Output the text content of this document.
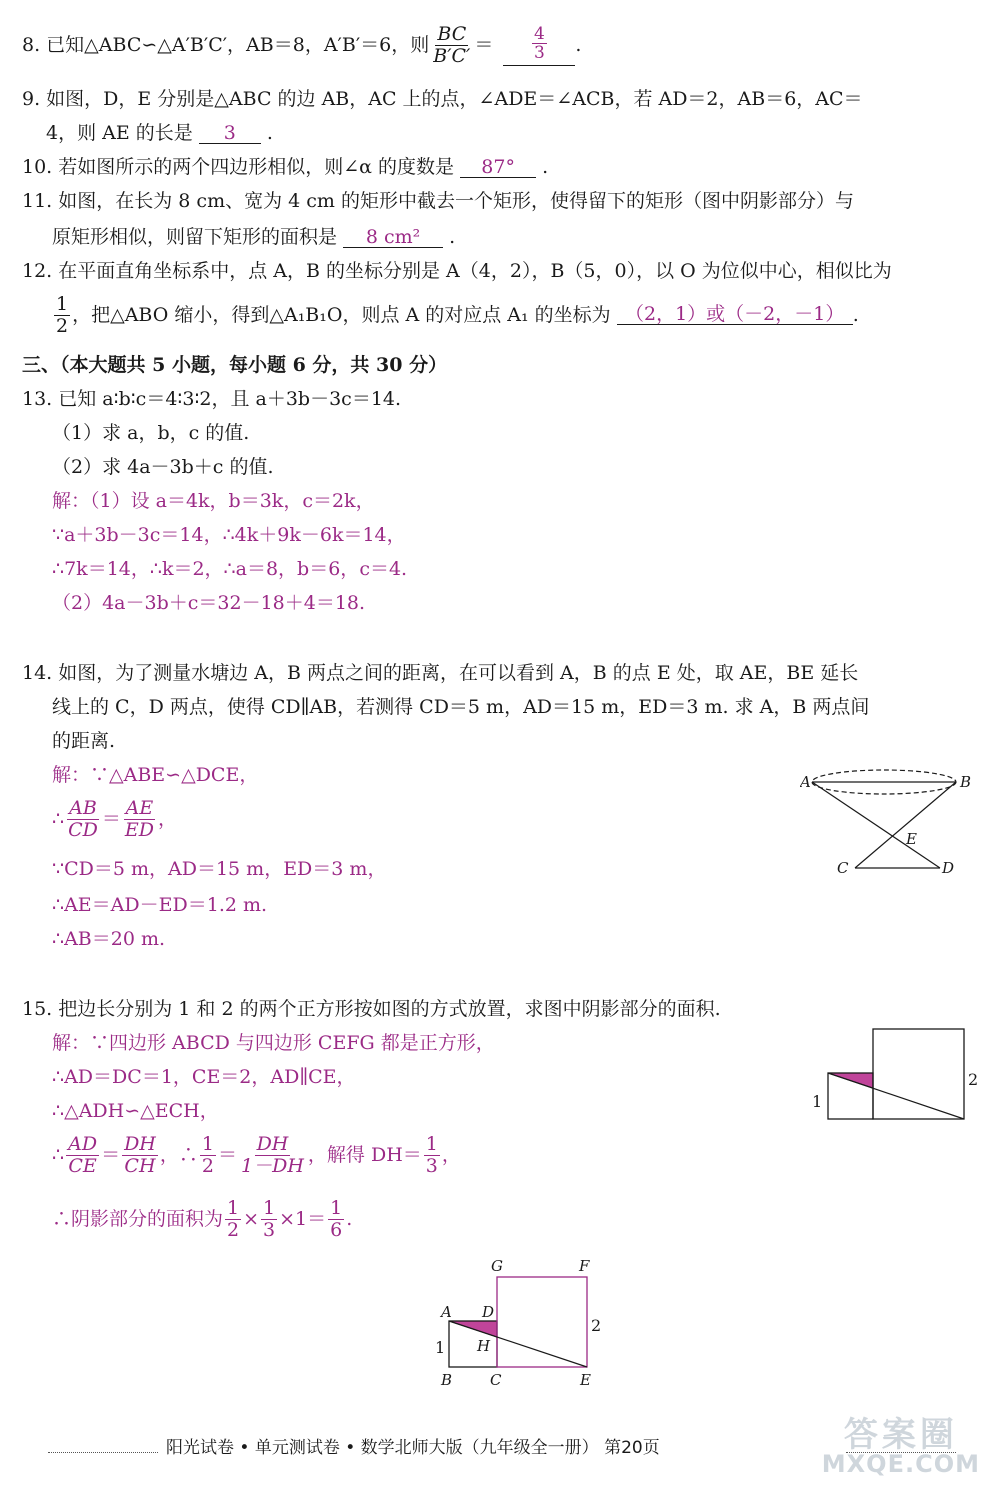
8. 已知△ABC∽△A′B′C′，AB＝8，A′B′＝6，则 $\frac{BC}{B'C'} = \frac{4}{3}$ .
9. 如图，D，E 分别是△ABC 的边 AB，AC 上的点，∠ADE＝∠ACB，若 AD＝2，AB＝6，AC＝
4，则 AE 的长是 3 .
10. 若如图所示的两个四边形相似，则∠α 的度数是 87° .
11. 如图，在长为 8 cm、宽为 4 cm 的矩形中截去一个矩形，使得留下的矩形（图中阴影部分）与
原矩形相似，则留下矩形的面积是 8 cm² .
12. 在平面直角坐标系中，点 A，B 的坐标分别是 A（4，2），B（5，0），以 O 为位似中心，相似比为
$\frac{1}{2}$ ，把△ABO 缩小，得到△A₁B₁O，则点 A 的对应点 A₁ 的坐标为 （2，1）或（－2，－1） .
三、（本大题共 5 小题，每小题 6 分，共 30 分）
13. 已知 a∶b∶c＝4∶3∶2，且 a＋3b－3c＝14.
（1）求 a，b，c 的值.
（2）求 4a－3b＋c 的值.
解：（1）设 a＝4k，b＝3k，c＝2k，
∵a＋3b－3c＝14，∴4k＋9k－6k＝14，
∴7k＝14，∴k＝2，∴a＝8，b＝6，c＝4.
（2）4a－3b＋c＝32－18＋4＝18.
14. 如图，为了测量水塘边 A，B 两点之间的距离，在可以看到 A，B 的点 E 处，取 AE，BE 延长
线上的 C，D 两点，使得 CD∥AB，若测得 CD＝5 m，AD＝15 m，ED＝3 m. 求 A，B 两点间
的距离.
解：∵△ABE∽△DCE，
∴ $\frac{AB}{CD} = \frac{AE}{ED}$ ，
∵CD＝5 m，AD＝15 m，ED＝3 m，
∴AE＝AD－ED＝1.2 m.
∴AB＝20 m.
A	B
E
C	D
15. 把边长分别为 1 和 2 的两个正方形按如图的方式放置，求图中阴影部分的面积.
解：∵四边形 ABCD 与四边形 CEFG 都是正方形，
∴AD＝DC＝1，CE＝2，AD∥CE，
∴△ADH∽△ECH，
∴ $\frac{AD}{CE} = \frac{DH}{CH}$ ，∴ $\frac{1}{2} = \frac{DH}{1-DH}$ ，解得 $DH= \frac{1}{3}$ ，
∴阴影部分的面积为 $\frac{1}{2} \times \frac{1}{3} \times 1= \frac{1}{6}$ .
1
2
G	F
A D
H
B	C	E
1
2
阳光试卷 • 单元测试卷 • 数学北师大版（九年级全一册） 第20页	答案圈
MXQE.COM
